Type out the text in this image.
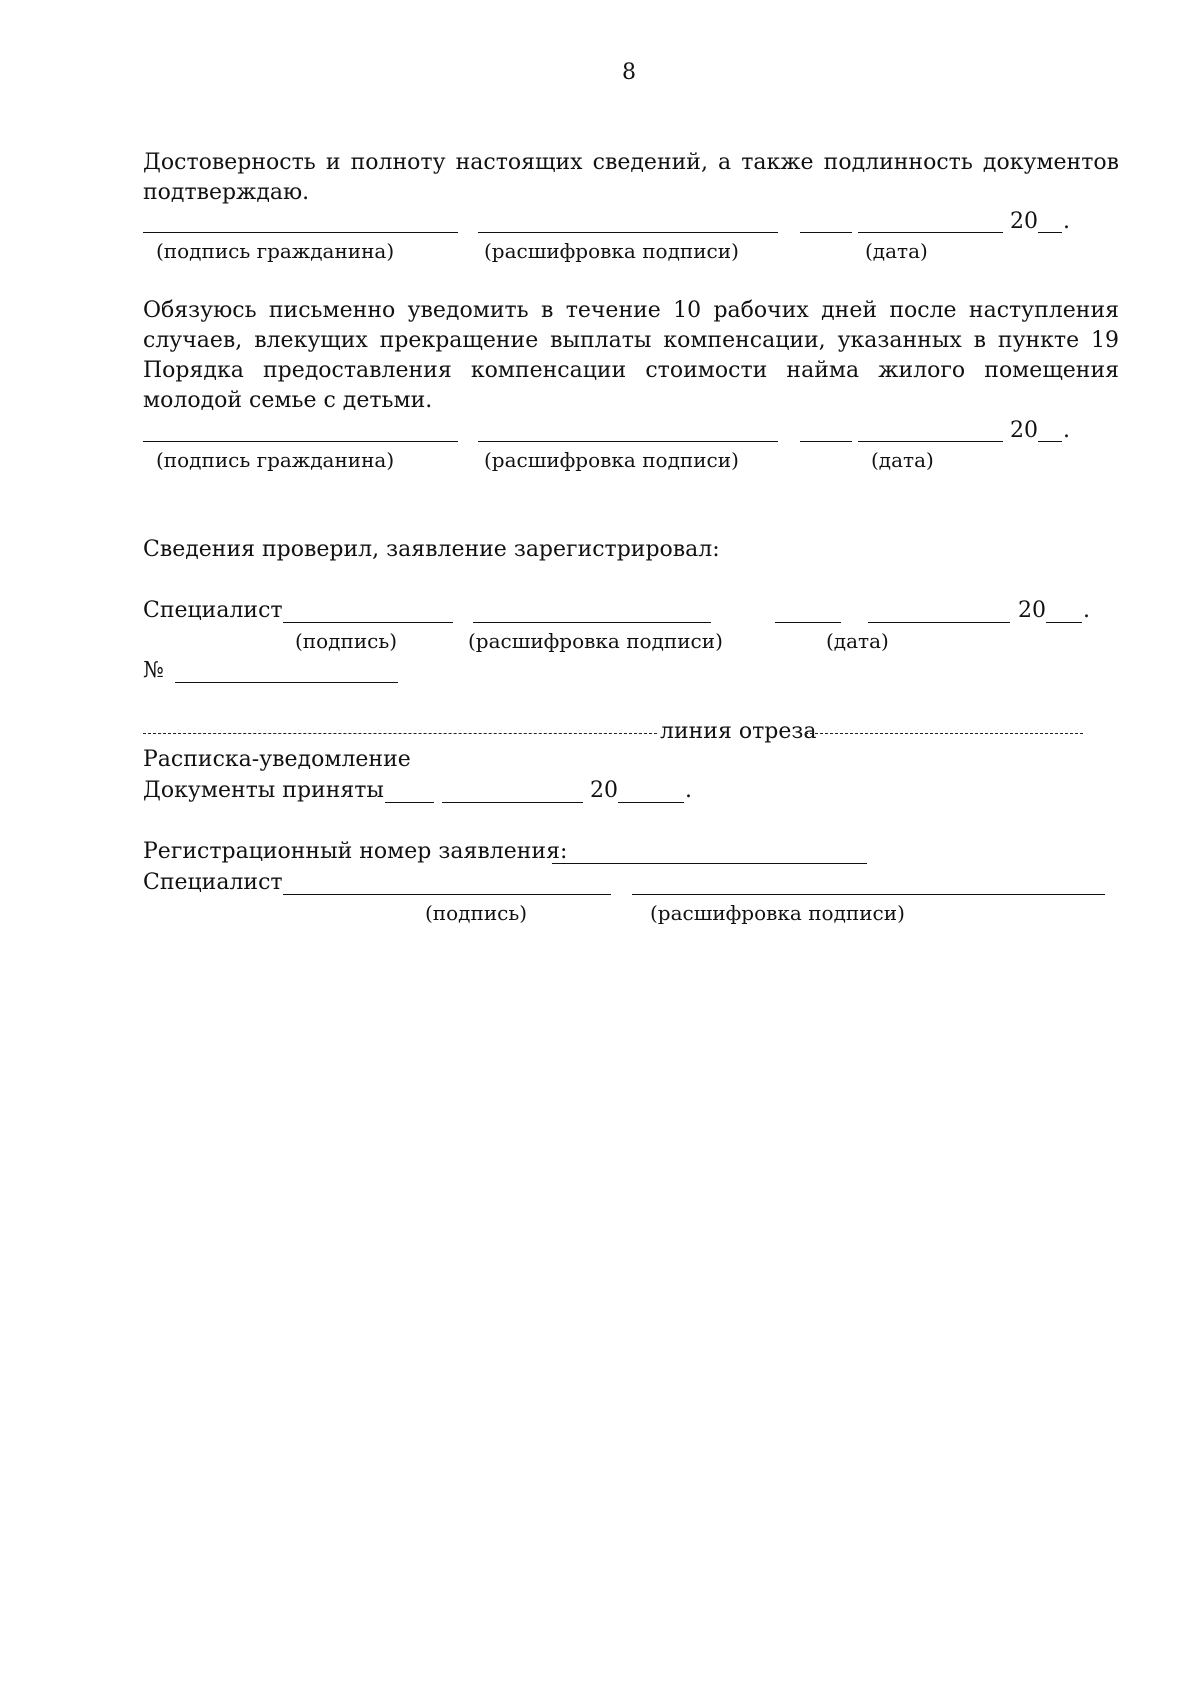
8
Достоверность и полноту настоящих сведений, а также подлинность документов подтверждаю.
20 .
(подпись гражданина)	(расшифровка подписи)	(дата)
Обязуюсь письменно уведомить в течение 10 рабочих дней после наступления случаев, влекущих прекращение выплаты компенсации, указанных в пункте 19 Порядка предоставления компенсации стоимости найма жилого помещения молодой семье с детьми.
20 .
(подпись гражданина)	(расшифровка подписи)	(дата)
Сведения проверил, заявление зарегистрировал:
Специалист	20 .
(подпись)	(расшифровка подписи)	(дата)
№
линия отреза
Расписка-уведомление
Документы приняты	20	.
Регистрационный номер заявления:
Специалист
(подпись)	(расшифровка подписи)
